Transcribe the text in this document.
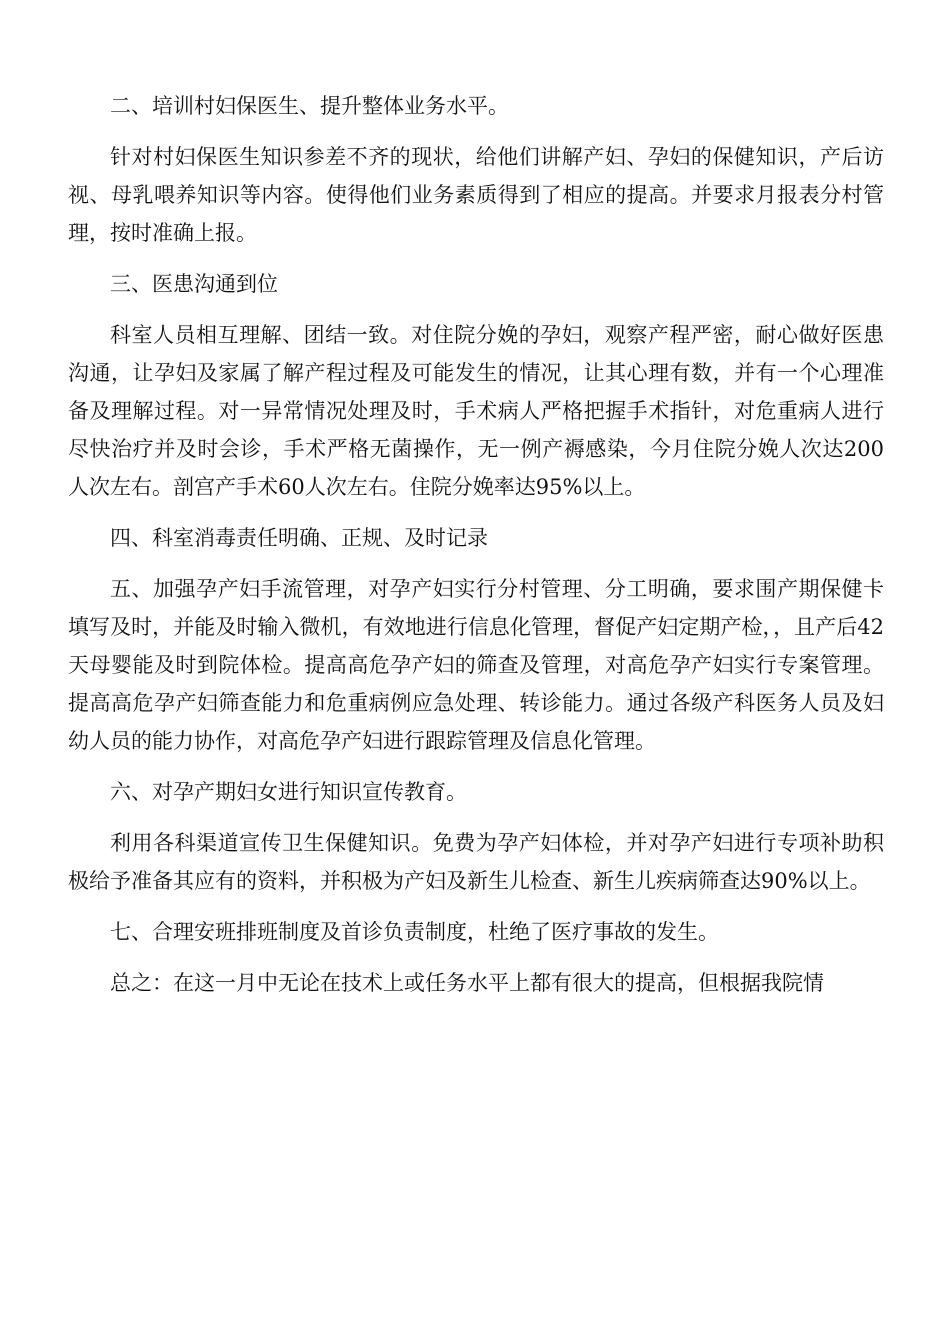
二、培训村妇保医生、提升整体业务水平。

针对村妇保医生知识参差不齐的现状，给他们讲解产妇、孕妇的保健知识，产后访视、母乳喂养知识等内容。使得他们业务素质得到了相应的提高。并要求月报表分村管理，按时准确上报。

三、医患沟通到位

科室人员相互理解、团结一致。对住院分娩的孕妇，观察产程严密，耐心做好医患沟通，让孕妇及家属了解产程过程及可能发生的情况，让其心理有数，并有一个心理准备及理解过程。对一异常情况处理及时，手术病人严格把握手术指针，对危重病人进行尽快治疗并及时会诊，手术严格无菌操作，无一例产褥感染，今月住院分娩人次达200人次左右。剖宫产手术60人次左右。住院分娩率达95%以上。

四、科室消毒责任明确、正规、及时记录

五、加强孕产妇手流管理，对孕产妇实行分村管理、分工明确，要求围产期保健卡填写及时，并能及时输入微机，有效地进行信息化管理，督促产妇定期产检，，且产后42天母婴能及时到院体检。提高高危孕产妇的筛查及管理，对高危孕产妇实行专案管理。提高高危孕产妇筛查能力和危重病例应急处理、转诊能力。通过各级产科医务人员及妇幼人员的能力协作，对高危孕产妇进行跟踪管理及信息化管理。

六、对孕产期妇女进行知识宣传教育。

利用各科渠道宣传卫生保健知识。免费为孕产妇体检，并对孕产妇进行专项补助积极给予准备其应有的资料，并积极为产妇及新生儿检查、新生儿疾病筛查达90%以上。

七、合理安班排班制度及首诊负责制度，杜绝了医疗事故的发生。

总之：在这一月中无论在技术上或任务水平上都有很大的提高，但根据我院情
